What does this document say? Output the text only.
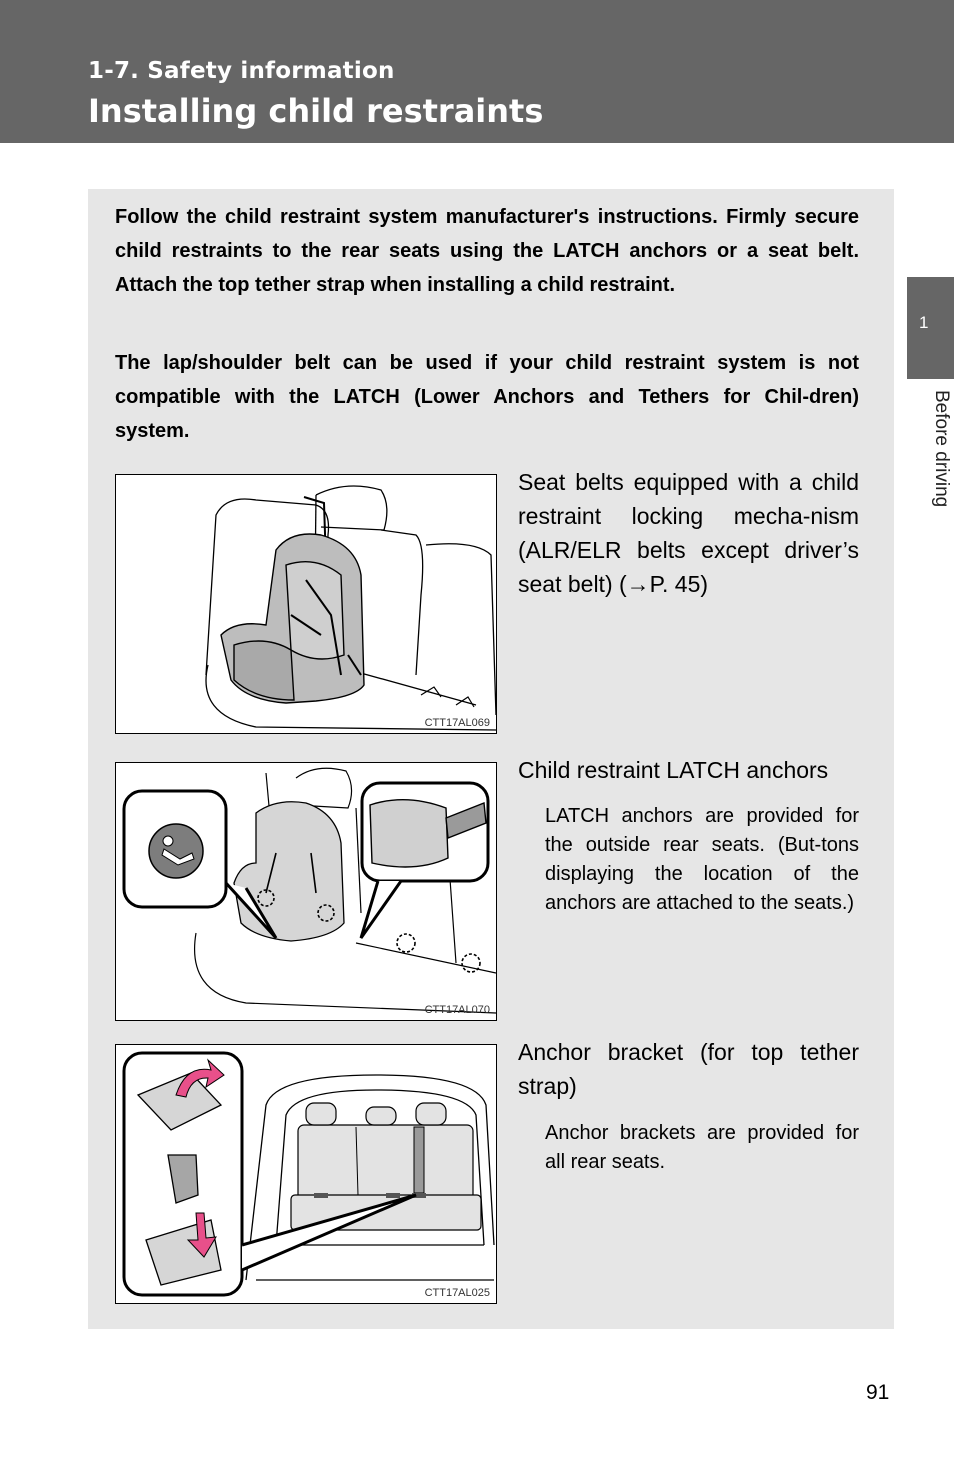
1-7. Safety information
Installing child restraints
1
Before driving

Follow the child restraint system manufacturer's instructions. Firmly secure child restraints to the rear seats using the LATCH anchors or a seat belt. Attach the top tether strap when installing a child restraint.

The lap/shoulder belt can be used if your child restraint system is not compatible with the LATCH (Lower Anchors and Tethers for Chil-dren) system.

CTT17AL069

Seat belts equipped with a child restraint locking mecha-nism (ALR/ELR belts except driver’s seat belt) (→P. 45)

CTT17AL070

Child restraint LATCH anchors

LATCH anchors are provided for the outside rear seats. (But-tons displaying the location of the anchors are attached to the seats.)

CTT17AL025

Anchor bracket (for top tether strap)

Anchor brackets are provided for all rear seats.

91
